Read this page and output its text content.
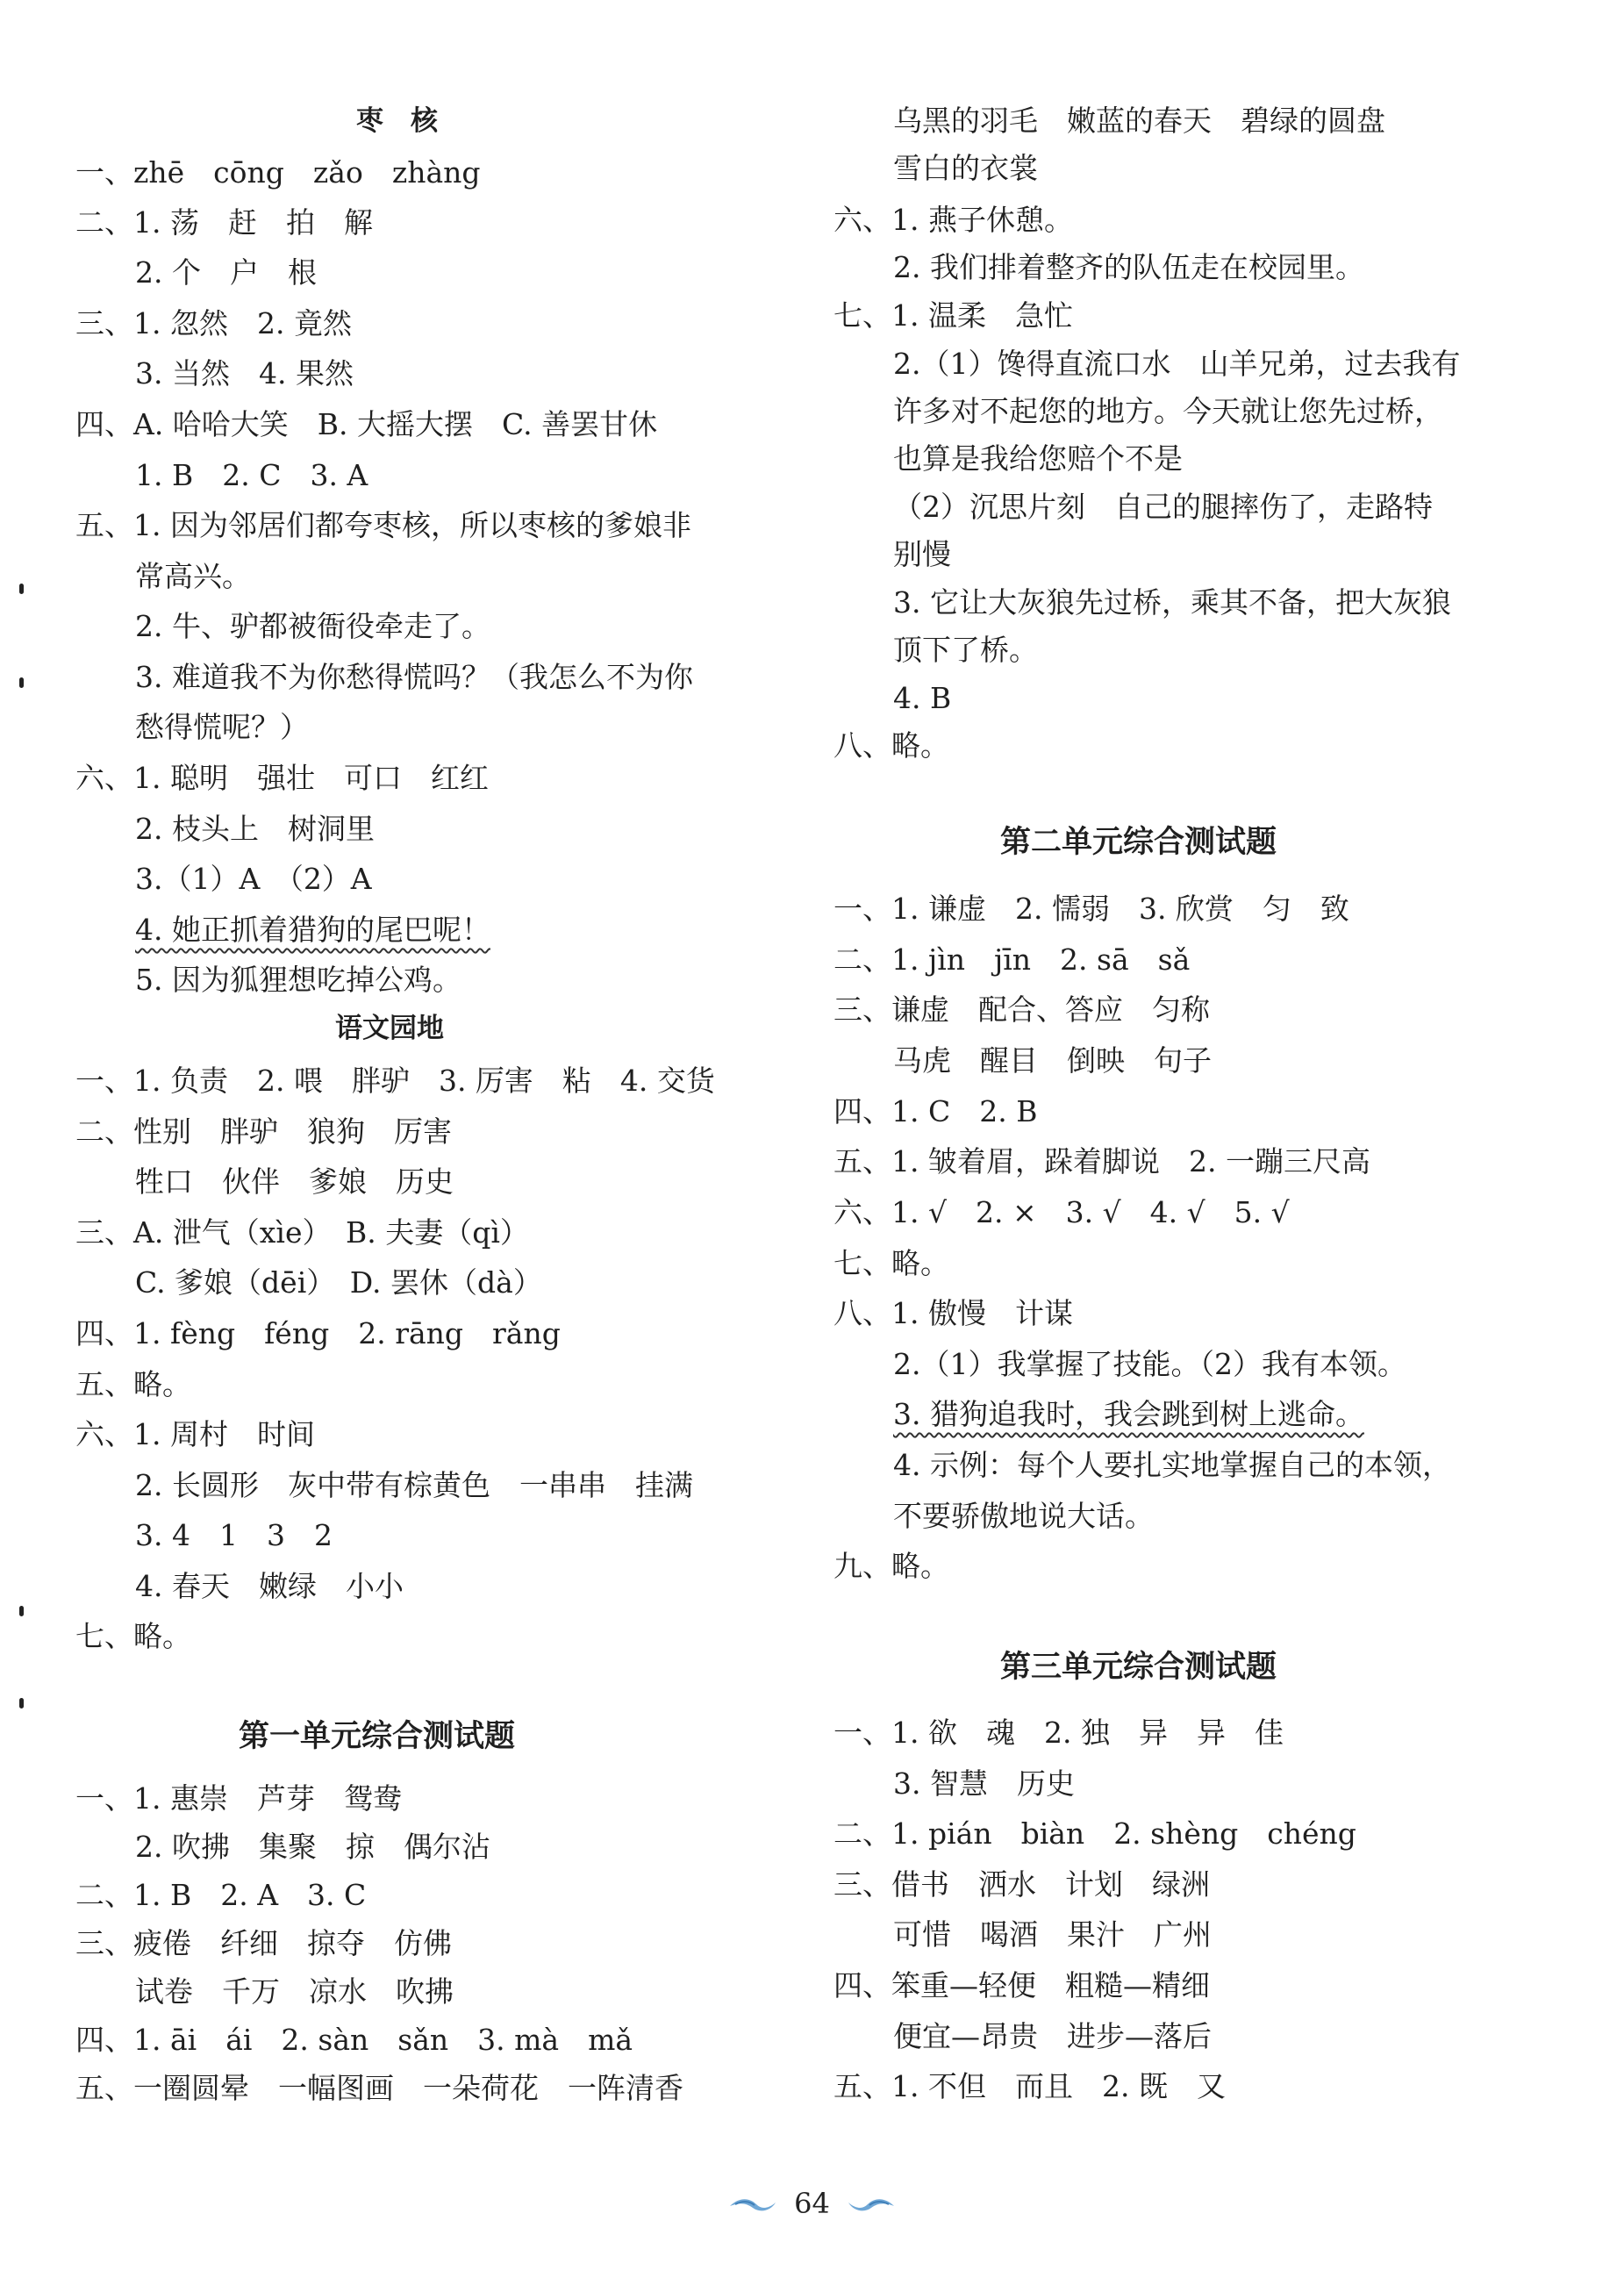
枣　核
一、zhē　cōng　zǎo　zhàng
二、1. 荡　赶　拍　解
2. 个　户　根
三、1. 忽然　2. 竟然
3. 当然　4. 果然
四、A. 哈哈大笑　B. 大摇大摆　C. 善罢甘休
1. B　2. C　3. A
五、1. 因为邻居们都夸枣核，所以枣核的爹娘非
常高兴。
2. 牛、驴都被衙役牵走了。
3. 难道我不为你愁得慌吗？（我怎么不为你
愁得慌呢？）
六、1. 聪明　强壮　可口　红红
2. 枝头上　树洞里
3.（1）A　（2）A
4. 她正抓着猎狗的尾巴呢！
5. 因为狐狸想吃掉公鸡。
语文园地
一、1. 负责　2. 喂　胖驴　3. 厉害　粘　4. 交货
二、性别　胖驴　狼狗　厉害
牲口　伙伴　爹娘　历史
三、A. 泄气（xìe）　B. 夫妻（qì）
C. 爹娘（dēi）　D. 罢休（dà）
四、1. fèng　féng　2. rāng　rǎng
五、略。
六、1. 周村　时间
2. 长圆形　灰中带有棕黄色　一串串　挂满
3. 4　1　3　2
4. 春天　嫩绿　小小
七、略。
第一单元综合测试题
一、1. 惠崇　芦芽　鸳鸯
2. 吹拂　集聚　掠　偶尔沾
二、1. B　2. A　3. C
三、疲倦　纤细　掠夺　仿佛
试卷　千万　凉水　吹拂
四、1. āi　ái　2. sàn　sǎn　3. mà　mǎ
五、一圈圆晕　一幅图画　一朵荷花　一阵清香
乌黑的羽毛　嫩蓝的春天　碧绿的圆盘
雪白的衣裳
六、1. 燕子休憩。
2. 我们排着整齐的队伍走在校园里。
七、1. 温柔　急忙
2.（1）馋得直流口水　山羊兄弟，过去我有
许多对不起您的地方。今天就让您先过桥，
也算是我给您赔个不是
（2）沉思片刻　自己的腿摔伤了，走路特
别慢
3. 它让大灰狼先过桥，乘其不备，把大灰狼
顶下了桥。
4. B
八、略。
第二单元综合测试题
一、1. 谦虚　2. 懦弱　3. 欣赏　匀　致
二、1. jìn　jīn　2. sā　sǎ
三、谦虚　配合、答应　匀称
马虎　醒目　倒映　句子
四、1. C　2. B
五、1. 皱着眉，跺着脚说　2. 一蹦三尺高
六、1. √　2. ×　3. √　4. √　5. √
七、略。
八、1. 傲慢　计谋
2.（1）我掌握了技能。（2）我有本领。
3. 猎狗追我时，我会跳到树上逃命。
4. 示例：每个人要扎实地掌握自己的本领，
不要骄傲地说大话。
九、略。
第三单元综合测试题
一、1. 欲　魂　2. 独　异　异　佳
3. 智慧　历史
二、1. pián　biàn　2. shèng　chéng
三、借书　洒水　计划　绿洲
可惜　喝酒　果汁　广州
四、笨重—轻便　粗糙—精细
便宜—昂贵　进步—落后
五、1. 不但　而且　2. 既　又
64
